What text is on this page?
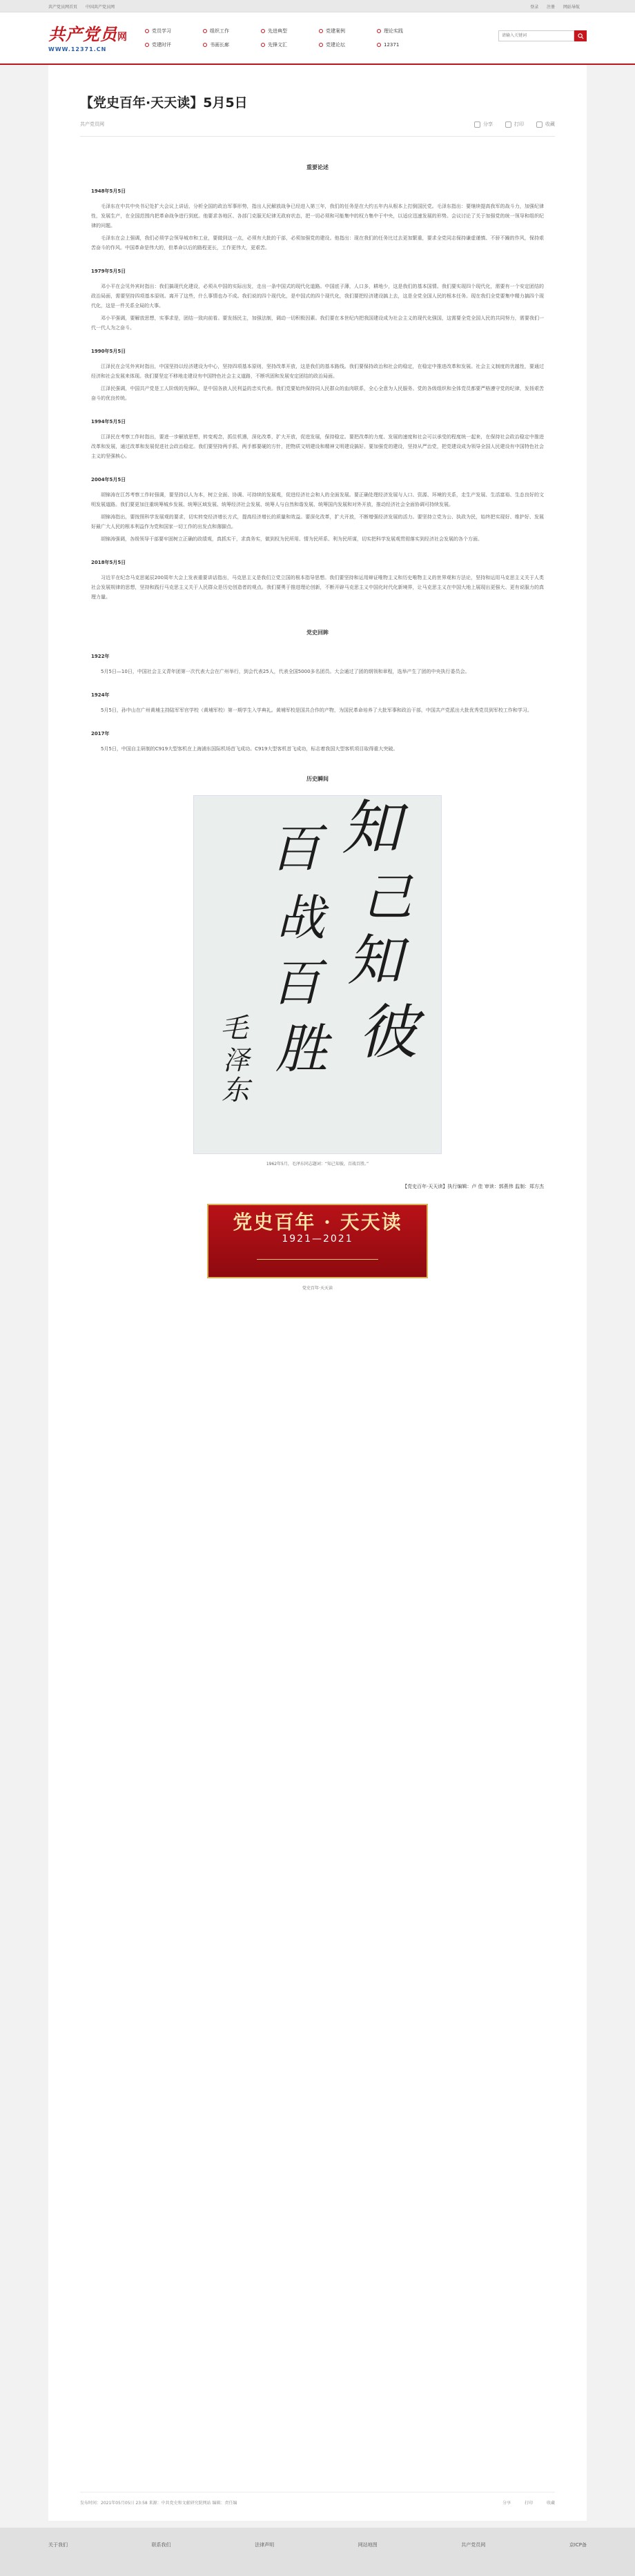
共产党员网首页 中国共产党员网	登录 注册 网站导航
共产党员网
WWW.12371.CN
党员学习	组织工作	先进典型	党建案例	理论实践
党建时评	书画长廊	先锋文汇	党建论坛	12371
请输入关键词
【党史百年·天天读】5月5日
共产党员网	分享	打印	收藏
重要论述
1948年5月5日

毛泽东在中共中央书记处扩大会议上讲话，分析全国的政治军事形势，指出人民解放战争已经进入第三年，我们的任务是在大约五年内从根本上打倒国民党。毛泽东指出：要继续提高我军的战斗力，加强纪律性，发展生产，在全国范围内把革命战争进行到底。他要求各地区、各部门克服无纪律无政府状态，把一切必须和可能集中的权力集中于中央，以适应迅速发展的形势。会议讨论了关于加强党的统一领导和组织纪律的问题。

毛泽东在会上强调，我们必须学会领导城市和工业，要做到这一点，必须有大批的干部，必须加强党的建设。他指出：现在我们的任务比过去更加繁重，要求全党同志保持谦虚谨慎、不骄不躁的作风，保持艰苦奋斗的作风。中国革命是伟大的，但革命以后的路程更长，工作更伟大，更艰苦。

1979年5月5日

邓小平在会见外宾时指出：我们搞现代化建设，必须从中国的实际出发，走出一条中国式的现代化道路。中国底子薄，人口多，耕地少，这是我们的基本国情。我们要实现四个现代化，需要有一个安定团结的政治局面，需要坚持四项基本原则。离开了这些，什么事情也办不成。我们说的四个现代化，是中国式的四个现代化，我们要把经济建设搞上去，这是全党全国人民的根本任务。现在我们全党要集中精力搞四个现代化，这是一件关系全局的大事。

邓小平强调，要解放思想，实事求是，团结一致向前看。要发扬民主，加强法制，调动一切积极因素。我们要在本世纪内把我国建设成为社会主义的现代化强国，这需要全党全国人民的共同努力，需要我们一代一代人为之奋斗。

1990年5月5日

江泽民在会见外宾时指出，中国坚持以经济建设为中心，坚持四项基本原则，坚持改革开放，这是我们的基本路线。我们要保持政治和社会的稳定，在稳定中推进改革和发展。社会主义制度的优越性，要通过经济和社会发展来体现。我们要坚定不移地走建设有中国特色社会主义道路，不断巩固和发展安定团结的政治局面。

江泽民强调，中国共产党是工人阶级的先锋队，是中国各族人民利益的忠实代表。我们党要始终保持同人民群众的血肉联系，全心全意为人民服务。党的各级组织和全体党员都要严格遵守党的纪律，发扬艰苦奋斗的优良传统。

1994年5月5日

江泽民在考察工作时指出，要进一步解放思想，转变观念，抓住机遇，深化改革，扩大开放，促进发展，保持稳定。要把改革的力度、发展的速度和社会可以承受的程度统一起来，在保持社会政治稳定中推进改革和发展，通过改革和发展促进社会政治稳定。我们要坚持两手抓、两手都要硬的方针，把物质文明建设和精神文明建设搞好。要加强党的建设，坚持从严治党，把党建设成为领导全国人民建设有中国特色社会主义的坚强核心。

2004年5月5日

胡锦涛在江苏考察工作时强调，要坚持以人为本，树立全面、协调、可持续的发展观，促进经济社会和人的全面发展。要正确处理经济发展与人口、资源、环境的关系，走生产发展、生活富裕、生态良好的文明发展道路。我们要更加注重统筹城乡发展、统筹区域发展、统筹经济社会发展、统筹人与自然和谐发展、统筹国内发展和对外开放，推动经济社会全面协调可持续发展。

胡锦涛指出，要按照科学发展观的要求，切实转变经济增长方式，提高经济增长的质量和效益。要深化改革，扩大开放，不断增强经济发展的活力。要坚持立党为公、执政为民，始终把实现好、维护好、发展好最广大人民的根本利益作为党和国家一切工作的出发点和落脚点。

胡锦涛强调，各级领导干部要牢固树立正确的政绩观，真抓实干，求真务实，做到权为民所用、情为民所系、利为民所谋，切实把科学发展观贯彻落实到经济社会发展的各个方面。

2018年5月5日

习近平在纪念马克思诞辰200周年大会上发表重要讲话指出，马克思主义是我们立党立国的根本指导思想。我们要坚持和运用辩证唯物主义和历史唯物主义的世界观和方法论，坚持和运用马克思主义关于人类社会发展规律的思想，坚持和践行马克思主义关于人民群众是历史创造者的观点。我们要勇于推进理论创新，不断开辟马克思主义中国化时代化新境界，让马克思主义在中国大地上展现出更强大、更有说服力的真理力量。

党史回眸
1922年

5月5日—10日，中国社会主义青年团第一次代表大会在广州举行，到会代表25人，代表全国5000多名团员。大会通过了团的纲领和章程，选举产生了团的中央执行委员会。

1924年

5月5日，孙中山在广州黄埔主持陆军军官学校（黄埔军校）第一期学生入学典礼。黄埔军校是国共合作的产物，为国民革命培养了大批军事和政治干部，中国共产党派出大批优秀党员到军校工作和学习。

2017年

5月5日，中国自主研制的C919大型客机在上海浦东国际机场首飞成功。C919大型客机首飞成功，标志着我国大型客机项目取得重大突破。

历史瞬间
知
己
知
彼
百
战
百
胜
毛
泽
东
1962年5月，毛泽东同志题词：“知己知彼，百战百胜。”
【党史百年·天天读】执行编辑：卢 佳 审读：郭燕伟 监制：郑方杰
党史百年 · 天天读
1921—2021
党史百年·天天读
发布时间：2021年05月05日 23:58 来源：中共党史和文献研究院网站 编辑：责任编	分享	打印	收藏
关于我们	联系我们	法律声明	网站地图	共产党员网	京ICP备
